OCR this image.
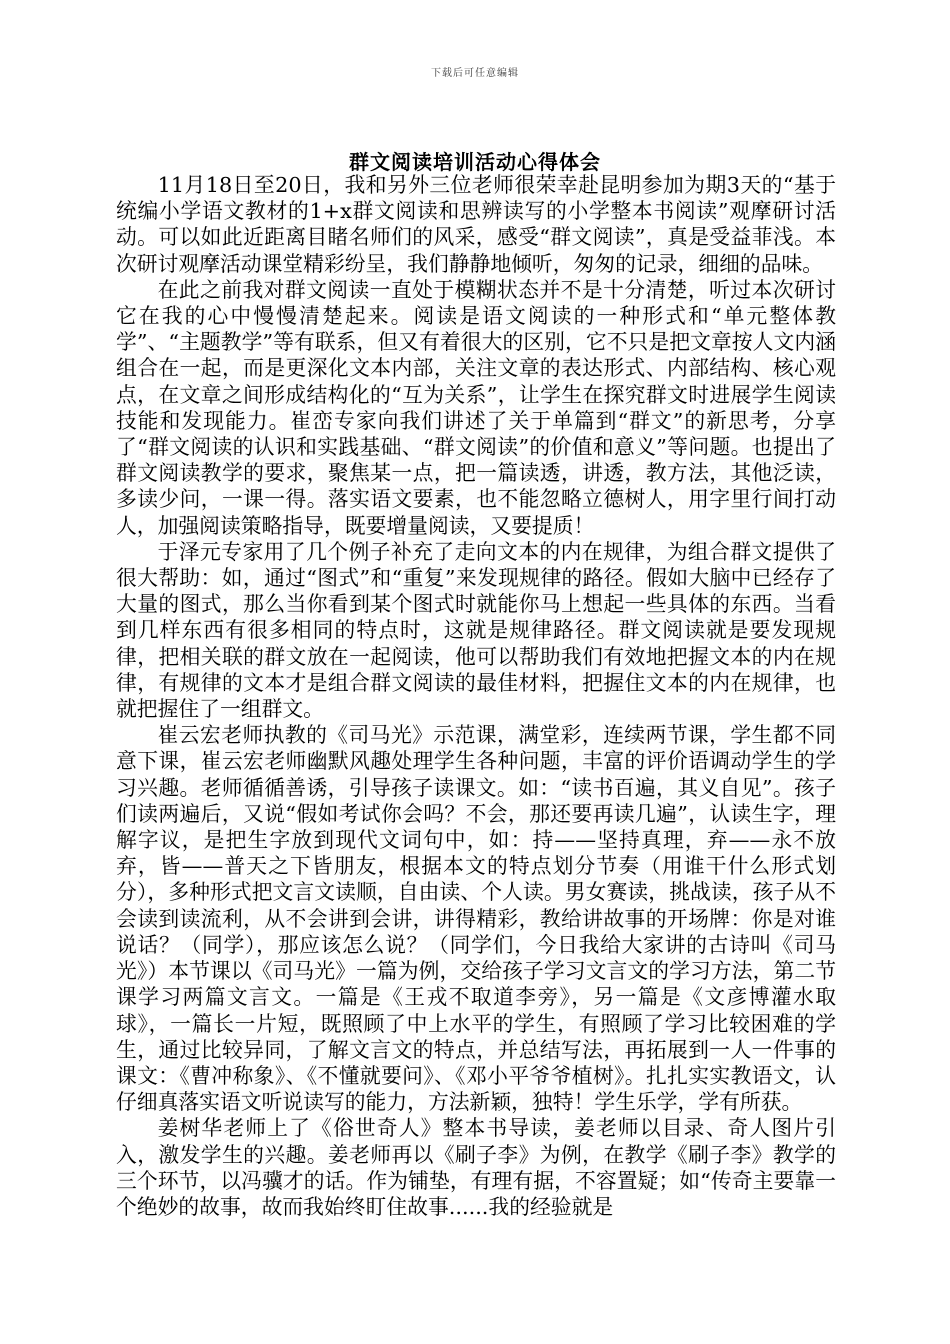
下载后可任意编辑
群文阅读培训活动心得体会

11月18日至20日，我和另外三位老师很荣幸赴昆明参加为期3天的“基于统编小学语文教材的1+x群文阅读和思辨读写的小学整本书阅读”观摩研讨活动。可以如此近距离目睹名师们的风采，感受“群文阅读”，真是受益菲浅。本次研讨观摩活动课堂精彩纷呈，我们静静地倾听，匆匆的记录，细细的品味。

在此之前我对群文阅读一直处于模糊状态并不是十分清楚，听过本次研讨它在我的心中慢慢清楚起来。阅读是语文阅读的一种形式和“单元整体教学”、“主题教学”等有联系，但又有着很大的区别，它不只是把文章按人文内涵组合在一起，而是更深化文本内部，关注文章的表达形式、内部结构、核心观点，在文章之间形成结构化的“互为关系”，让学生在探究群文时进展学生阅读技能和发现能力。崔峦专家向我们讲述了关于单篇到“群文”的新思考，分享了“群文阅读的认识和实践基础、“群文阅读”的价值和意义”等问题。也提出了群文阅读教学的要求，聚焦某一点，把一篇读透，讲透，教方法，其他泛读，多读少问，一课一得。落实语文要素，也不能忽略立德树人，用字里行间打动人，加强阅读策略指导，既要增量阅读，又要提质！

于泽元专家用了几个例子补充了走向文本的内在规律，为组合群文提供了很大帮助：如，通过“图式”和“重复”来发现规律的路径。假如大脑中已经存了大量的图式，那么当你看到某个图式时就能你马上想起一些具体的东西。当看到几样东西有很多相同的特点时，这就是规律路径。群文阅读就是要发现规律，把相关联的群文放在一起阅读，他可以帮助我们有效地把握文本的内在规律，有规律的文本才是组合群文阅读的最佳材料，把握住文本的内在规律，也就把握住了一组群文。

崔云宏老师执教的《司马光》示范课，满堂彩，连续两节课，学生都不同意下课，崔云宏老师幽默风趣处理学生各种问题，丰富的评价语调动学生的学习兴趣。老师循循善诱，引导孩子读课文。如：“读书百遍，其义自见”。孩子们读两遍后，又说“假如考试你会吗？不会，那还要再读几遍”，认读生字，理解字议，是把生字放到现代文词句中，如：持——坚持真理，弃——永不放弃，皆——普天之下皆朋友，根据本文的特点划分节奏（用谁干什么形式划分），多种形式把文言文读顺，自由读、个人读。男女赛读，挑战读，孩子从不会读到读流利，从不会讲到会讲，讲得精彩，教给讲故事的开场牌：你是对谁说话？（同学），那应该怎么说？（同学们，今日我给大家讲的古诗叫《司马光》）本节课以《司马光》一篇为例，交给孩子学习文言文的学习方法，第二节课学习两篇文言文。一篇是《王戎不取道李旁》，另一篇是《文彦博灌水取球》，一篇长一片短，既照顾了中上水平的学生，有照顾了学习比较困难的学生，通过比较异同，了解文言文的特点，并总结写法，再拓展到一人一件事的课文：《曹冲称象》、《不懂就要问》、《邓小平爷爷植树》。扎扎实实教语文，认仔细真落实语文听说读写的能力，方法新颖，独特！学生乐学，学有所获。

姜树华老师上了《俗世奇人》整本书导读，姜老师以目录、奇人图片引入，激发学生的兴趣。姜老师再以《刷子李》为例，在教学《刷子李》教学的三个环节，以冯骥才的话。作为铺垫，有理有据，不容置疑；如“传奇主要靠一个绝妙的故事，故而我始终盯住故事......我的经验就是
